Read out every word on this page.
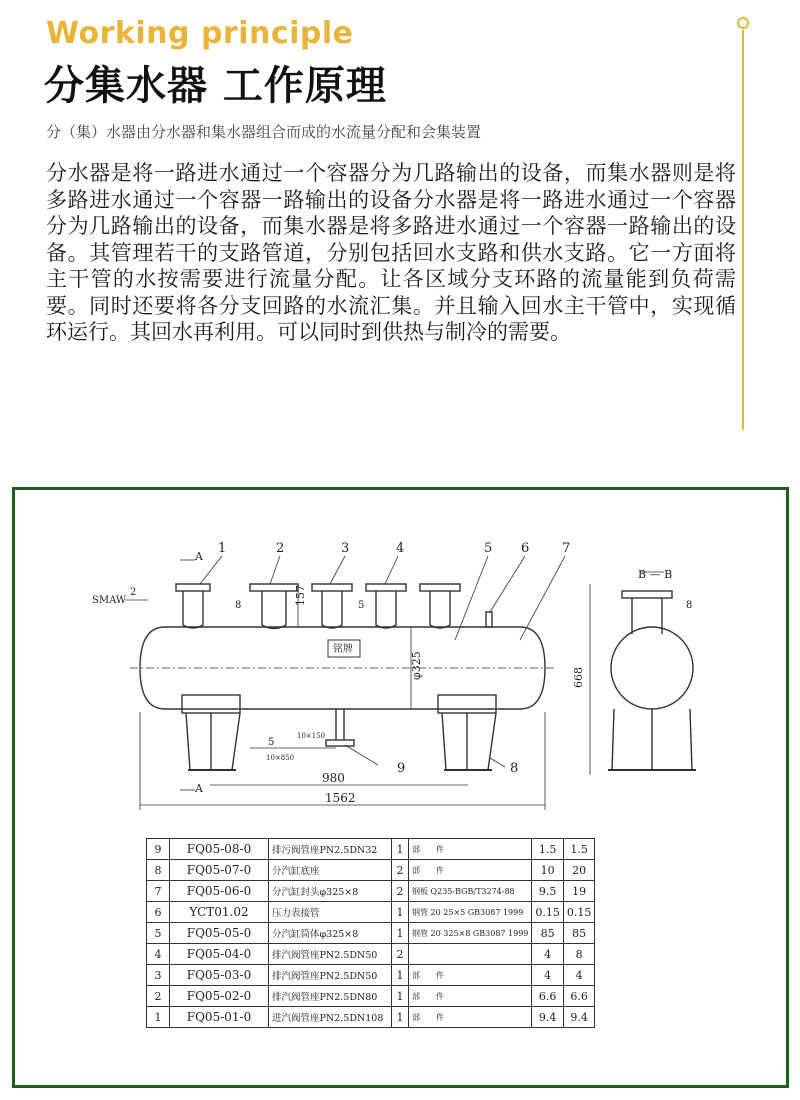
Working principle
分集水器 工作原理
分（集）水器由分水器和集水器组合而成的水流量分配和会集装置
分水器是将一路进水通过一个容器分为几路输出的设备，而集水器则是将多路进水通过一个容器一路输出的设备分水器是将一路进水通过一个容器分为几路输出的设备，而集水器是将多路进水通过一个容器一路输出的设备。其管理若干的支路管道，分别包括回水支路和供水支路。它一方面将主干管的水按需要进行流量分配。让各区域分支环路的流量能到负荷需要。同时还要将各分支回路的水流汇集。并且输入回水主干管中，实现循环运行。其回水再利用。可以同时到供热与制冷的需要。
A
A
B — B
SMAW
铭牌
1	2	3	4	5 6	7
8
9
2
8	5	8
5
157
φ325	668
980
1562
10×150
10×850
9	FQ05-08-0	排污阀管座PN2.5DN32	1	部　　件	1.5	1.5
8	FQ05-07-0	分汽缸底座	2	部　　件	10	20
7	FQ05-06-0	分汽缸封头φ325×8	2	钢板 Q235-BGB/T3274-88	9.5	19
6	YCT01.02	压力表接管	1	钢管 20 25×5 GB3087 1999	0.15	0.15
5	FQ05-05-0	分汽缸筒体φ325×8	1	钢管 20 325×8 GB3087 1999	85	85
4	FQ05-04-0	排汽阀管座PN2.5DN50	2		4	8
3	FQ05-03-0	排汽阀管座PN2.5DN50	1	部　　件	4	4
2	FQ05-02-0	排汽阀管座PN2.5DN80	1	部　　件	6.6	6.6
1	FQ05-01-0	进汽阀管座PN2.5DN108	1	部　　件	9.4	9.4
